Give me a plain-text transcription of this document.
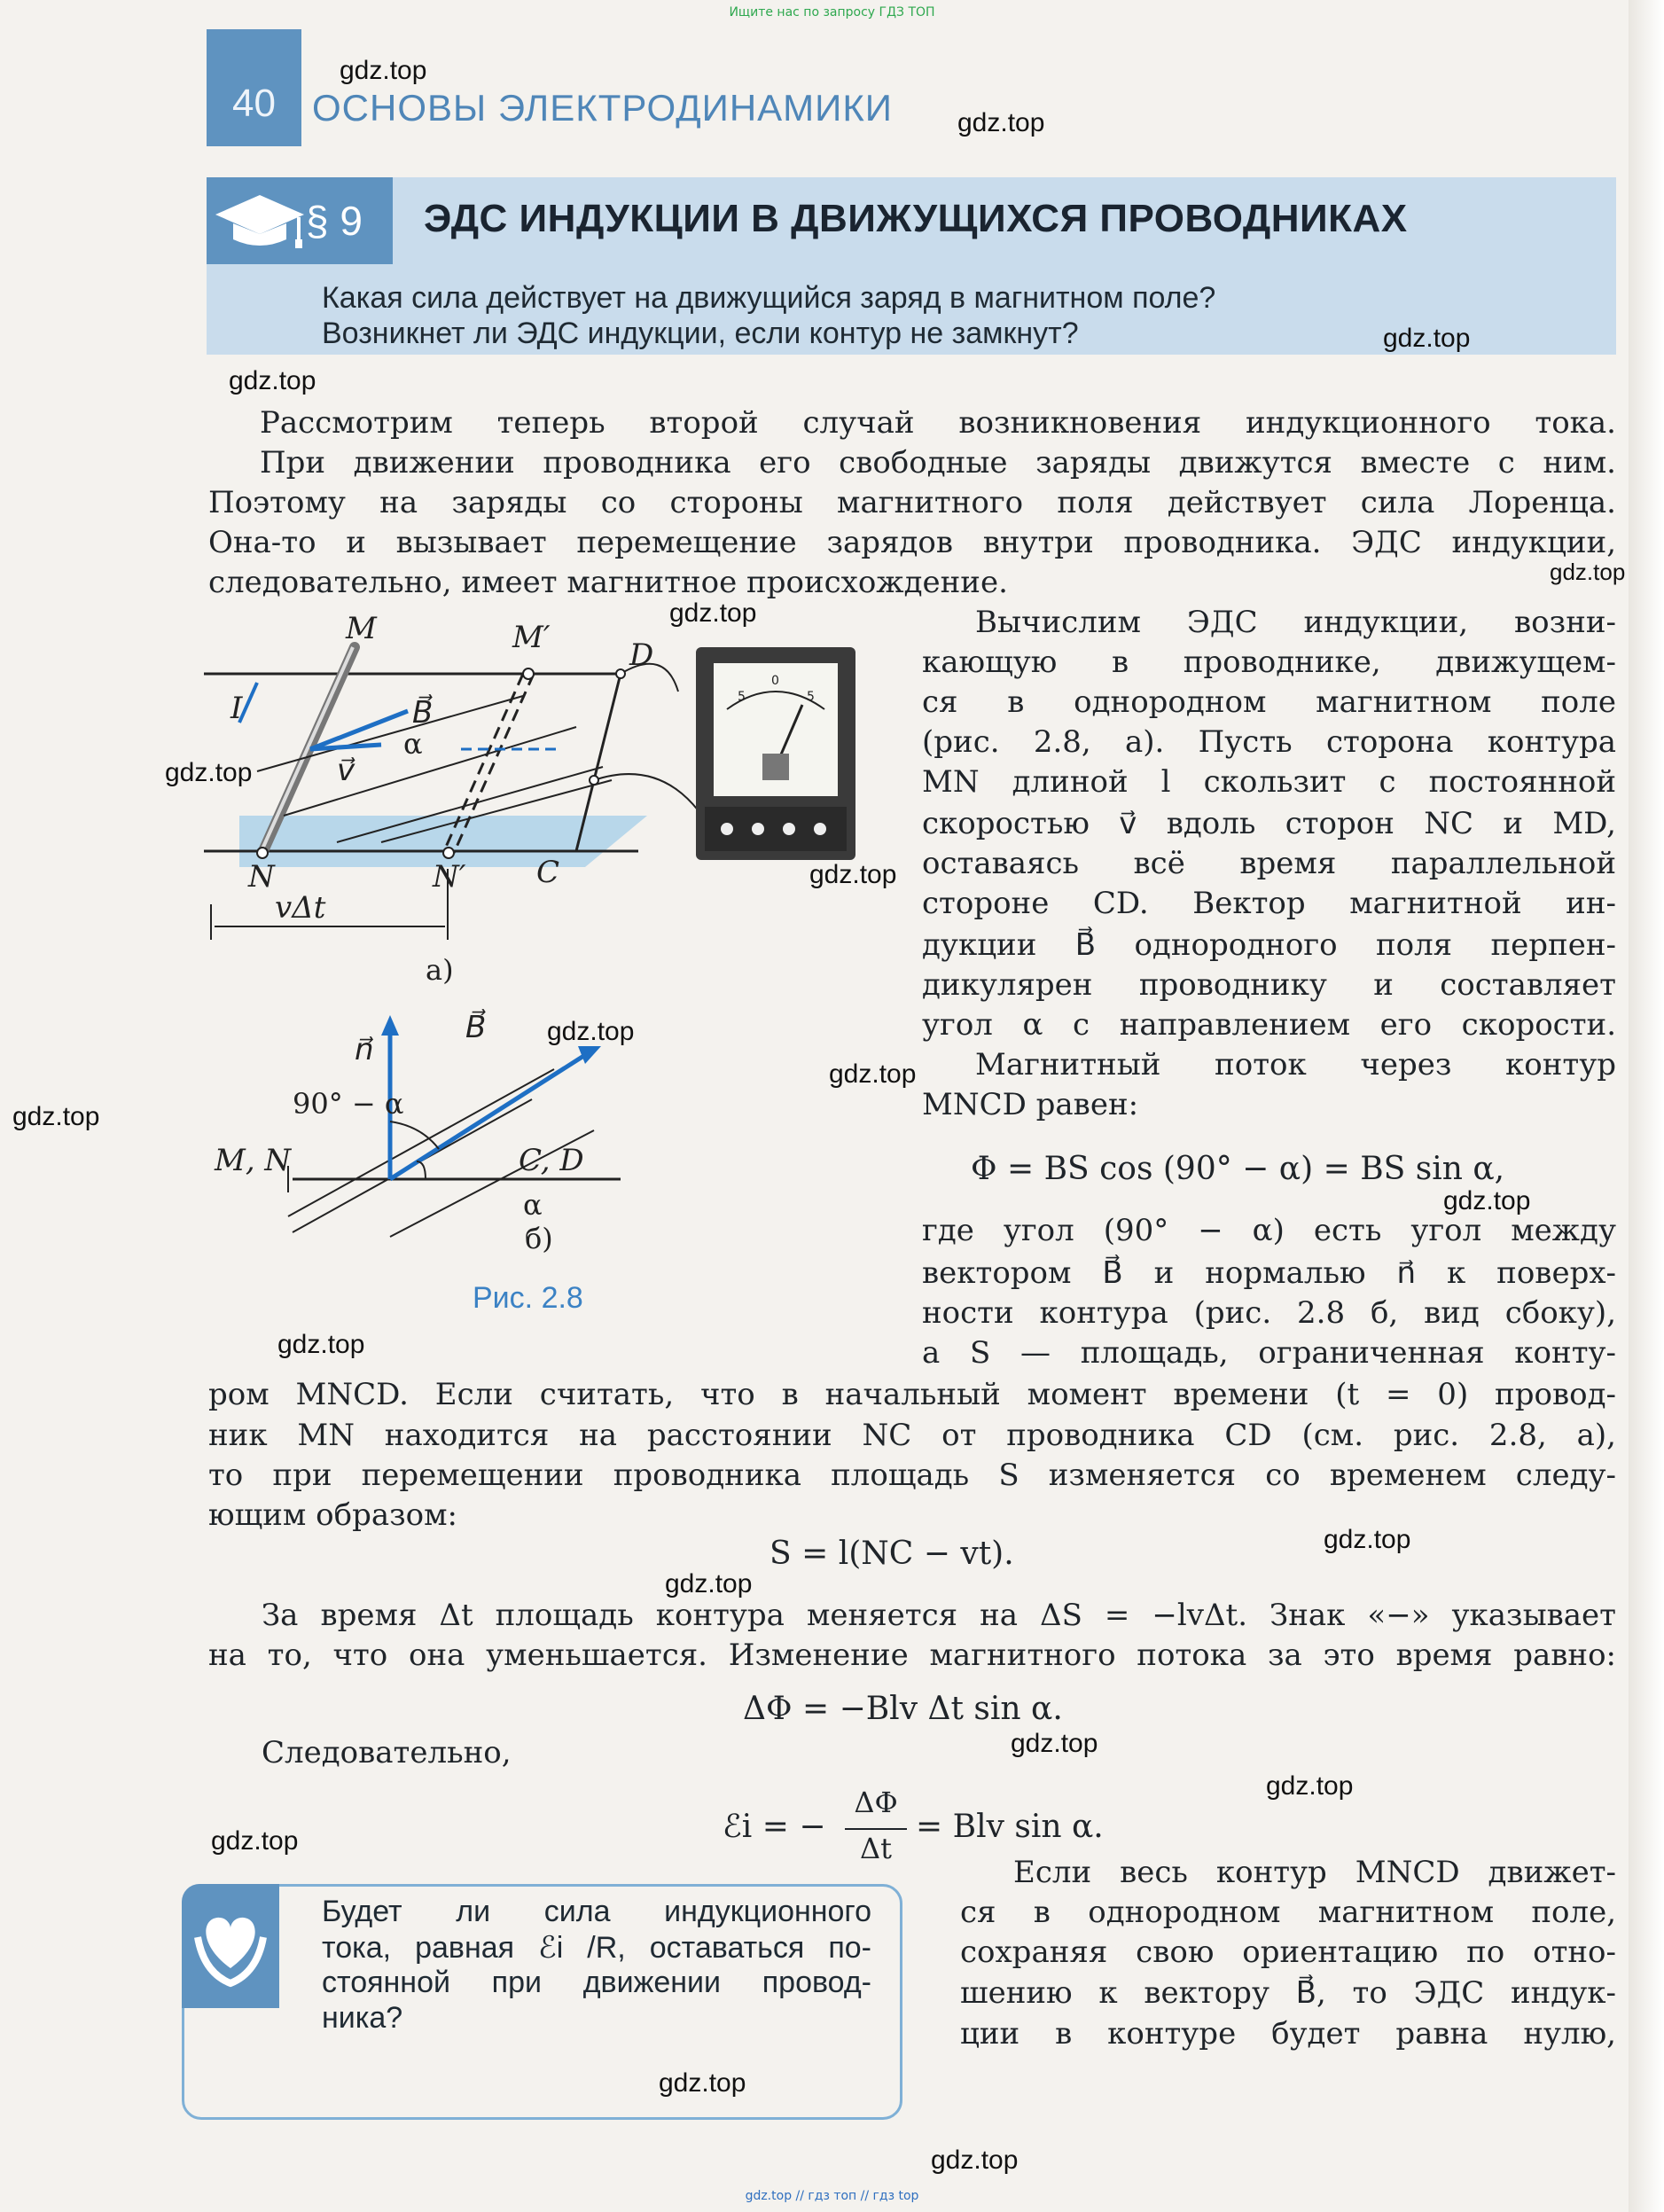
Ищите нас по запросу ГДЗ ТОП
40 ОСНОВЫ ЭЛЕКТРОДИНАМИКИ
§ 9 ЭДС ИНДУКЦИИ В ДВИЖУЩИХСЯ ПРОВОДНИКАХ
Какая сила действует на движущийся заряд в магнитном поле?
Возникнет ли ЭДС индукции, если контур не замкнут?
Рассмотрим теперь второй случай возникновения индукционного тока.
При движении проводника его свободные заряды движутся вместе с ним.
Поэтому на заряды со стороны магнитного поля действует сила Лоренца.
Она-то и вызывает перемещение зарядов внутри проводника. ЭДС индукции,
следовательно, имеет магнитное происхождение.
Вычислим ЭДС индукции, возни-
кающую в проводнике, движущем-
ся в однородном магнитном поле
(рис. 2.8, а). Пусть сторона контура
MN длиной l скользит с постоянной
скоростью v⃗ вдоль сторон NC и MD,
оставаясь всё время параллельной
стороне CD. Вектор магнитной ин-
дукции B⃗ однородного поля перпен-
дикулярен проводнику и составляет
угол α с направлением его скорости.
Магнитный поток через контур
MNCD равен:
Φ = BS cos (90° − α) = BS sin α,
где угол (90° − α) есть угол между
вектором B⃗ и нормалью n⃗ к поверх-
ности контура (рис. 2.8 б, вид сбоку),
а S — площадь, ограниченная конту-
5
0
5
I
M	M′	D
B⃗
α
v⃗
N	N′ C
vΔt
а)
n⃗
B⃗
90° − α
M, N	C, D
α
б)
Рис. 2.8
ром MNCD. Если считать, что в начальный момент времени (t = 0) провод-
ник MN находится на расстоянии NC от проводника CD (см. рис. 2.8, а),
то при перемещении проводника площадь S изменяется со временем следу-
ющим образом:
S = l(NC − vt).
За время Δt площадь контура меняется на ΔS = −lvΔt. Знак «−» указывает
на то, что она уменьшается. Изменение магнитного потока за это время равно:
ΔΦ = −Blv Δt sin α.
Следовательно,
ℰi = −
ΔΦ
Δt
= Blv sin α.
Будет ли сила индукционного
тока, равная ℰi /R, оставаться по-
стоянной при движении провод-
ника?
Если весь контур MNCD движет-
ся в однородном магнитном поле,
сохраняя свою ориентацию по отно-
шению к вектору B⃗, то ЭДС индук-
ции в контуре будет равна нулю,
gdz.top
gdz.top
gdz.top
gdz.top
gdz.top
gdz.top
gdz.top
gdz.top
gdz.top
gdz.top
gdz.top
gdz.top
gdz.top
gdz.top
gdz.top
gdz.top
gdz.top
gdz.top
gdz.top
gdz.top
gdz.top // гдз топ // гдз top
